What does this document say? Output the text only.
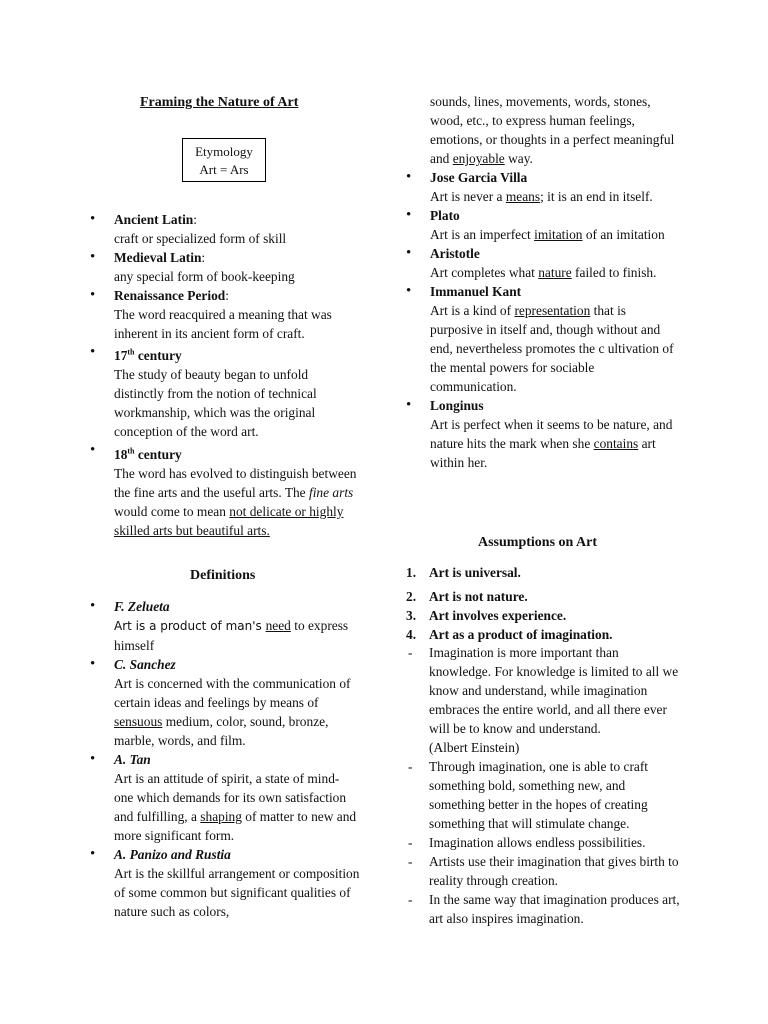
Framing the Nature of Art
Etymology
Art = Ars
• Ancient Latin:
craft or specialized form of skill
• Medieval Latin:
any special form of book-keeping
• Renaissance Period:
The word reacquired a meaning that was inherent in its ancient form of craft.
• 17th century
The study of beauty began to unfold distinctly from the notion of technical workmanship, which was the original conception of the word art.
• 18th century
The word has evolved to distinguish between the fine arts and the useful arts. The fine arts would come to mean not delicate or highly skilled arts but beautiful arts.
Definitions
• F. Zelueta
Art is a product of man's need to express himself
• C. Sanchez
Art is concerned with the communication of certain ideas and feelings by means of sensuous medium, color, sound, bronze, marble, words, and film.
• A. Tan
Art is an attitude of spirit, a state of mind- one which demands for its own satisfaction and fulfilling, a shaping of matter to new and more significant form.
• A. Panizo and Rustia
Art is the skillful arrangement or composition of some common but significant qualities of nature such as colors,
sounds, lines, movements, words, stones, wood, etc., to express human feelings, emotions, or thoughts in a perfect meaningful and enjoyable way.
• Jose Garcia Villa
Art is never a means; it is an end in itself.
• Plato
Art is an imperfect imitation of an imitation
• Aristotle
Art completes what nature failed to finish.
• Immanuel Kant
Art is a kind of representation that is purposive in itself and, though without and end, nevertheless promotes the c ultivation of the mental powers for sociable communication.
• Longinus
Art is perfect when it seems to be nature, and nature hits the mark when she contains art within her.
Assumptions on Art
1. Art is universal.
2. Art is not nature.
3. Art involves experience.
4. Art as a product of imagination.
- Imagination is more important than knowledge. For knowledge is limited to all we know and understand, while imagination embraces the entire world, and all there ever will be to know and understand.
(Albert Einstein)
- Through imagination, one is able to craft something bold, something new, and something better in the hopes of creating something that will stimulate change.
- Imagination allows endless possibilities.
- Artists use their imagination that gives birth to reality through creation.
- In the same way that imagination produces art, art also inspires imagination.
